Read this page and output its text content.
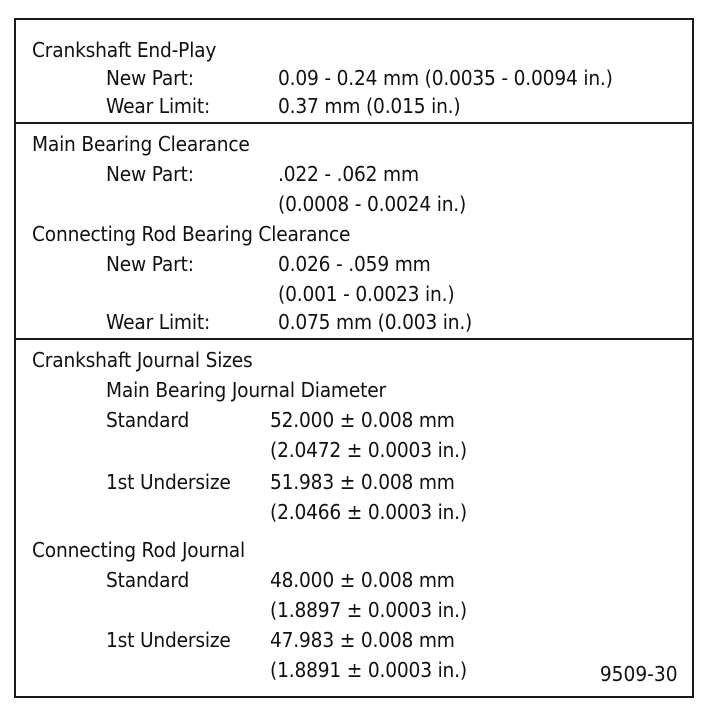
Crankshaft End-Play
New Part:	0.09 - 0.24 mm (0.0035 - 0.0094 in.)
Wear Limit:	0.37 mm (0.015 in.)
Main Bearing Clearance
New Part:	.022 - .062 mm
(0.0008 - 0.0024 in.)
Connecting Rod Bearing Clearance
New Part:	0.026 - .059 mm
(0.001 - 0.0023 in.)
Wear Limit:	0.075 mm (0.003 in.)
Crankshaft Journal Sizes
Main Bearing Journal Diameter
Standard	52.000 ± 0.008 mm
(2.0472 ± 0.0003 in.)
1st Undersize 51.983 ± 0.008 mm
(2.0466 ± 0.0003 in.)
Connecting Rod Journal
Standard	48.000 ± 0.008 mm
(1.8897 ± 0.0003 in.)
1st Undersize 47.983 ± 0.008 mm
(1.8891 ± 0.0003 in.)	9509-30
